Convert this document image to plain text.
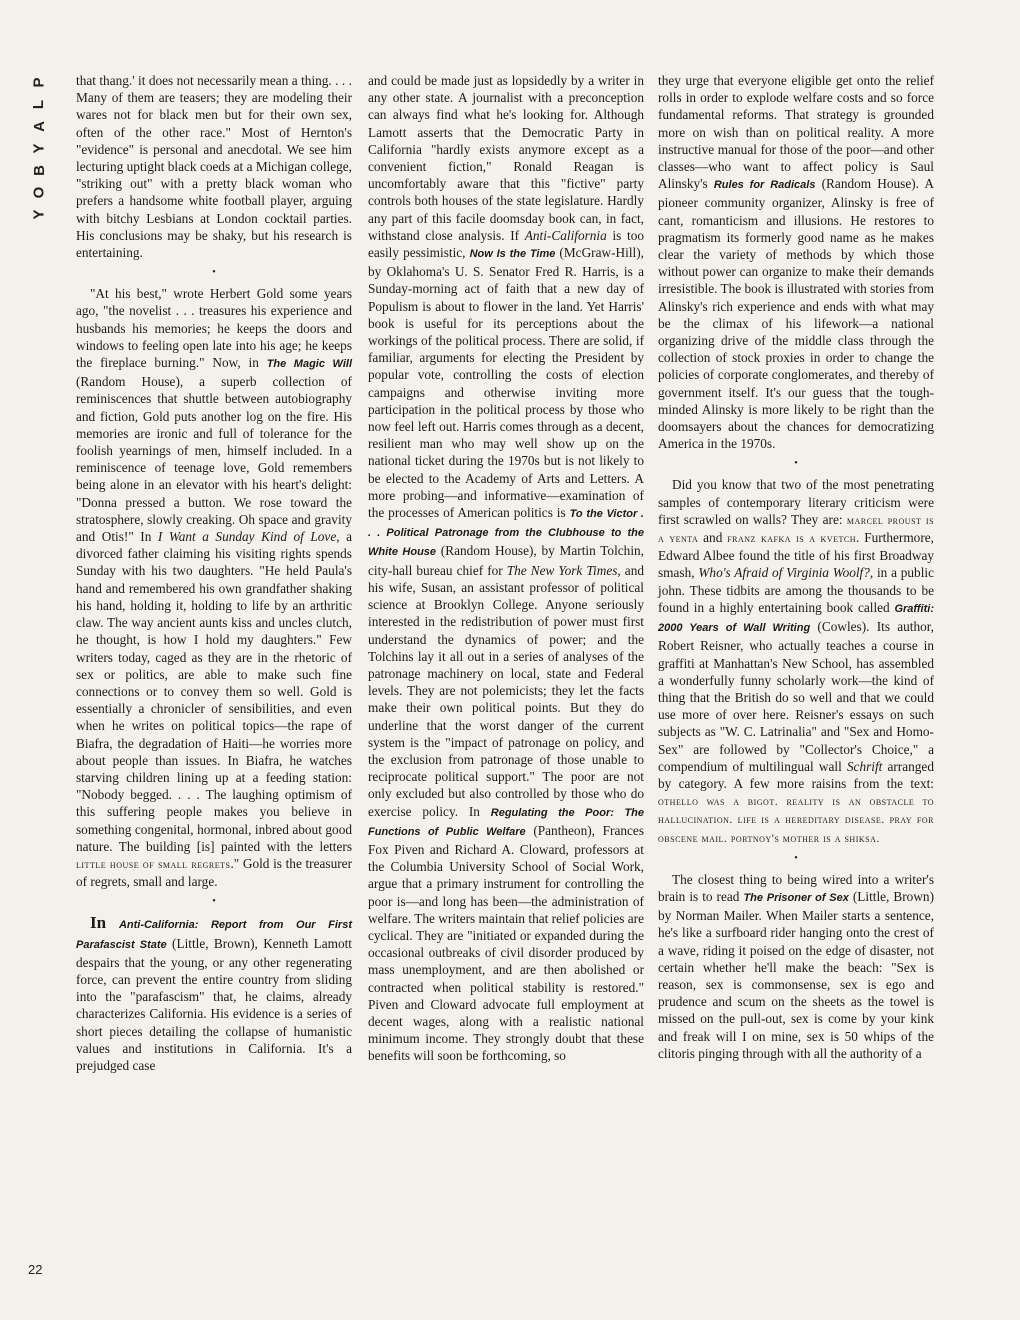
P
L
A
Y
B
O
Y
22

that thang.' it does not necessarily mean a thing. . . . Many of them are teasers; they are modeling their wares not for black men but for their own sex, often of the other race." Most of Hernton's "evidence" is personal and anecdotal. We see him lecturing uptight black coeds at a Michigan college, "striking out" with a pretty black woman who prefers a handsome white football player, arguing with bitchy Lesbians at London cocktail parties. His conclusions may be shaky, but his research is entertaining.

•

"At his best," wrote Herbert Gold some years ago, "the novelist . . . treasures his experience and husbands his memories; he keeps the doors and windows to feeling open late into his age; he keeps the fireplace burning." Now, in The Magic Will (Random House), a superb collection of reminiscences that shuttle between autobiography and fiction, Gold puts another log on the fire. His memories are ironic and full of tolerance for the foolish yearnings of men, himself included. In a reminiscence of teenage love, Gold remembers being alone in an elevator with his heart's delight: "Donna pressed a button. We rose toward the stratosphere, slowly creaking. Oh space and gravity and Otis!" In I Want a Sunday Kind of Love, a divorced father claiming his visiting rights spends Sunday with his two daughters. "He held Paula's hand and remembered his own grandfather shaking his hand, holding it, holding to life by an arthritic claw. The way ancient aunts kiss and uncles clutch, he thought, is how I hold my daughters." Few writers today, caged as they are in the rhetoric of sex or politics, are able to make such fine connections or to convey them so well. Gold is essentially a chronicler of sensibilities, and even when he writes on political topics—the rape of Biafra, the degradation of Haiti—he worries more about people than issues. In Biafra, he watches starving children lining up at a feeding station: "Nobody begged. . . . The laughing optimism of this suffering people makes you believe in something congenital, hormonal, inbred about good nature. The building [is] painted with the letters little house of small regrets." Gold is the treasurer of regrets, small and large.

•

In Anti-California: Report from Our First Parafascist State (Little, Brown), Kenneth Lamott despairs that the young, or any other regenerating force, can prevent the entire country from sliding into the "parafascism" that, he claims, already characterizes California. His evidence is a series of short pieces detailing the collapse of humanistic values and institutions in California. It's a prejudged case

and could be made just as lopsidedly by a writer in any other state. A journalist with a preconception can always find what he's looking for. Although Lamott asserts that the Democratic Party in California "hardly exists anymore except as a convenient fiction," Ronald Reagan is uncomfortably aware that this "fictive" party controls both houses of the state legislature. Hardly any part of this facile doomsday book can, in fact, withstand close analysis. If Anti-California is too easily pessimistic, Now Is the Time (McGraw-Hill), by Oklahoma's U. S. Senator Fred R. Harris, is a Sunday-morning act of faith that a new day of Populism is about to flower in the land. Yet Harris' book is useful for its perceptions about the workings of the political process. There are solid, if familiar, arguments for electing the President by popular vote, controlling the costs of election campaigns and otherwise inviting more participation in the political process by those who now feel left out. Harris comes through as a decent, resilient man who may well show up on the national ticket during the 1970s but is not likely to be elected to the Academy of Arts and Letters. A more probing—and informative—examination of the processes of American politics is To the Victor . . . Political Patronage from the Clubhouse to the White House (Random House), by Martin Tolchin, city-hall bureau chief for The New York Times, and his wife, Susan, an assistant professor of political science at Brooklyn College. Anyone seriously interested in the redistribution of power must first understand the dynamics of power; and the Tolchins lay it all out in a series of analyses of the patronage machinery on local, state and Federal levels. They are not polemicists; they let the facts make their own political points. But they do underline that the worst danger of the current system is the "impact of patronage on policy, and the exclusion from patronage of those unable to reciprocate political support." The poor are not only excluded but also controlled by those who do exercise policy. In Regulating the Poor: The Functions of Public Welfare (Pantheon), Frances Fox Piven and Richard A. Cloward, professors at the Columbia University School of Social Work, argue that a primary instrument for controlling the poor is—and long has been—the administration of welfare. The writers maintain that relief policies are cyclical. They are "initiated or expanded during the occasional outbreaks of civil disorder produced by mass unemployment, and are then abolished or contracted when political stability is restored." Piven and Cloward advocate full employment at decent wages, along with a realistic national minimum income. They strongly doubt that these benefits will soon be forthcoming, so

they urge that everyone eligible get onto the relief rolls in order to explode welfare costs and so force fundamental reforms. That strategy is grounded more on wish than on political reality. A more instructive manual for those of the poor—and other classes—who want to affect policy is Saul Alinsky's Rules for Radicals (Random House). A pioneer community organizer, Alinsky is free of cant, romanticism and illusions. He restores to pragmatism its formerly good name as he makes clear the variety of methods by which those without power can organize to make their demands irresistible. The book is illustrated with stories from Alinsky's rich experience and ends with what may be the climax of his lifework—a national organizing drive of the middle class through the collection of stock proxies in order to change the policies of corporate conglomerates, and thereby of government itself. It's our guess that the tough-minded Alinsky is more likely to be right than the doomsayers about the chances for democratizing America in the 1970s.

•

Did you know that two of the most penetrating samples of contemporary literary criticism were first scrawled on walls? They are: marcel proust is a yenta and franz kafka is a kvetch. Furthermore, Edward Albee found the title of his first Broadway smash, Who's Afraid of Virginia Woolf?, in a public john. These tidbits are among the thousands to be found in a highly entertaining book called Graffiti: 2000 Years of Wall Writing (Cowles). Its author, Robert Reisner, who actually teaches a course in graffiti at Manhattan's New School, has assembled a wonderfully funny scholarly work—the kind of thing that the British do so well and that we could use more of over here. Reisner's essays on such subjects as "W. C. Latrinalia" and "Sex and Homo-Sex" are followed by "Collector's Choice," a compendium of multilingual wall Schrift arranged by category. A few more raisins from the text: othello was a bigot. reality is an obstacle to hallucination. life is a hereditary disease. pray for obscene mail. portnoy's mother is a shiksa.

•

The closest thing to being wired into a writer's brain is to read The Prisoner of Sex (Little, Brown) by Norman Mailer. When Mailer starts a sentence, he's like a surfboard rider hanging onto the crest of a wave, riding it poised on the edge of disaster, not certain whether he'll make the beach: "Sex is reason, sex is commonsense, sex is ego and prudence and scum on the sheets as the towel is missed on the pull-out, sex is come by your kink and freak will I on mine, sex is 50 whips of the clitoris pinging through with all the authority of a
